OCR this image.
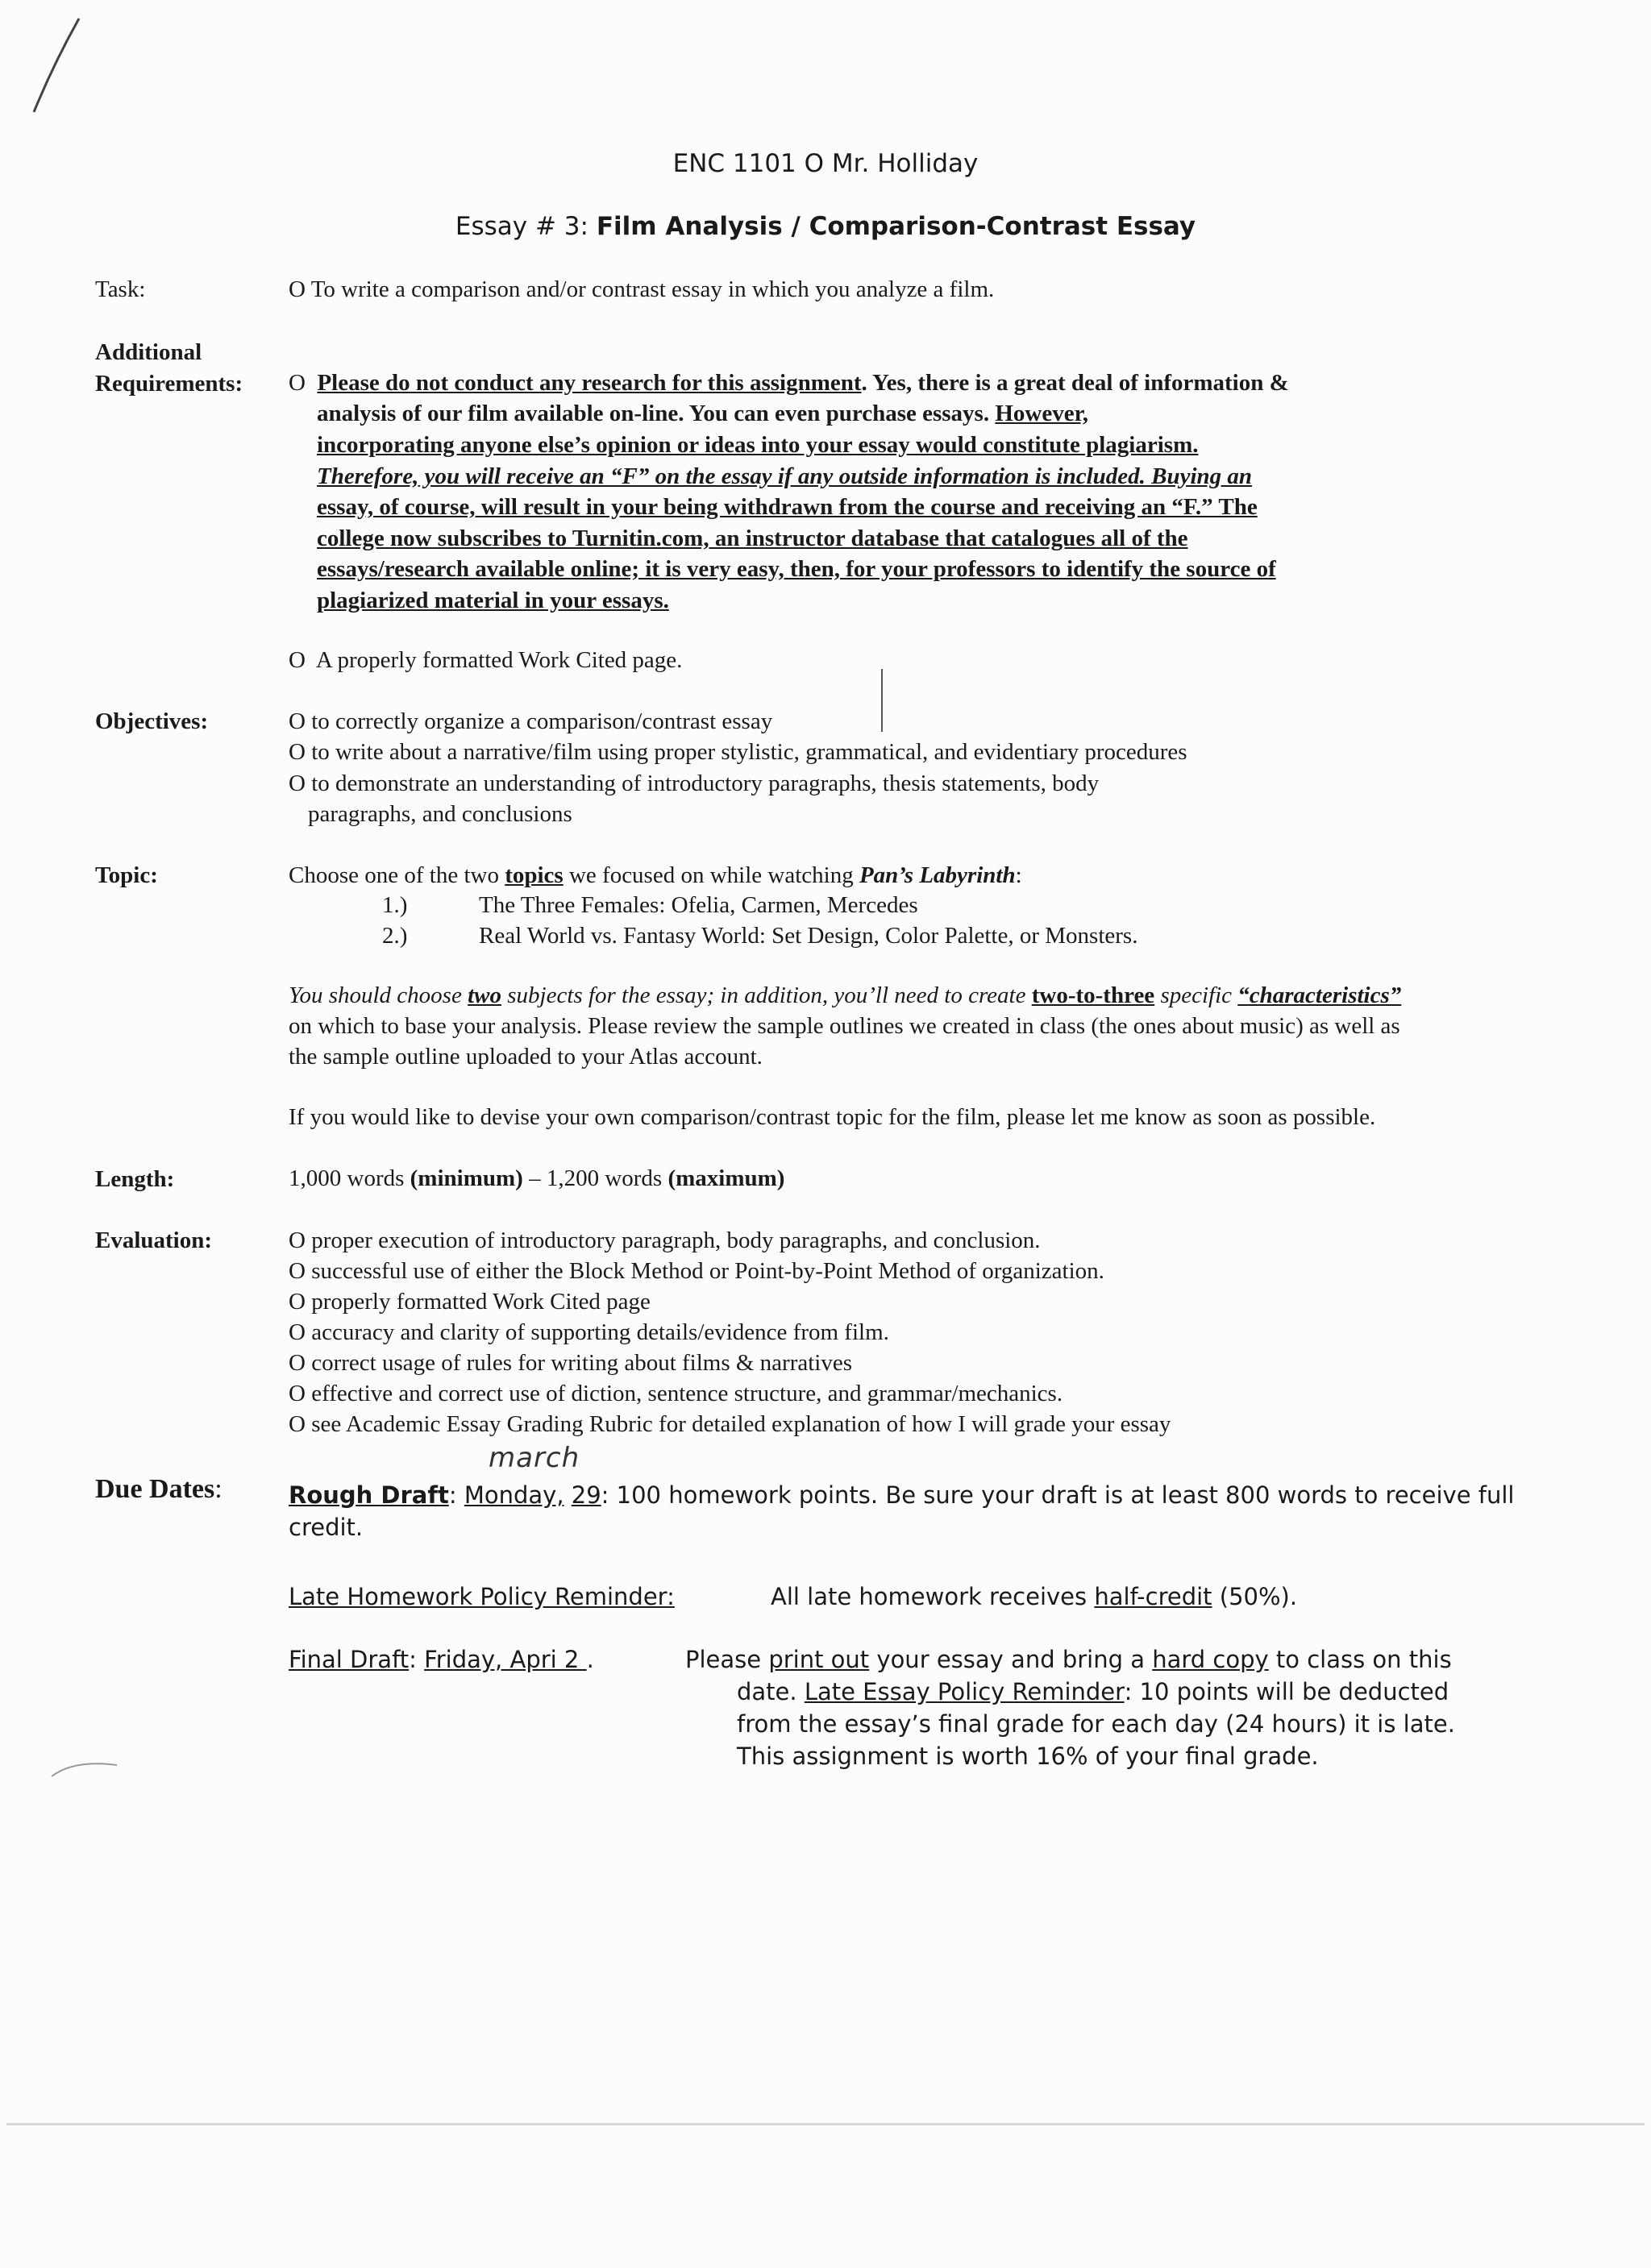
ENC 1101 O Mr. Holliday
Essay # 3: Film Analysis / Comparison-Contrast Essay
Task:	O To write a comparison and/or contrast essay in which you analyze a film.
Additional
Requirements: O Please do not conduct any research for this assignment. Yes, there is a great deal of information &
analysis of our film available on-line. You can even purchase essays. However,
incorporating anyone else’s opinion or ideas into your essay would constitute plagiarism.
Therefore, you will receive an “F” on the essay if any outside information is included. Buying an
essay, of course, will result in your being withdrawn from the course and receiving an “F.” The
college now subscribes to Turnitin.com, an instructor database that catalogues all of the
essays/research available online; it is very easy, then, for your professors to identify the source of
plagiarized material in your essays.
O A properly formatted Work Cited page.
Objectives:	O to correctly organize a comparison/contrast essay
O to write about a narrative/film using proper stylistic, grammatical, and evidentiary procedures
O to demonstrate an understanding of introductory paragraphs, thesis statements, body
paragraphs, and conclusions
Topic:	Choose one of the two topics we focused on while watching Pan’s Labyrinth:
1.)	The Three Females: Ofelia, Carmen, Mercedes
2.)	Real World vs. Fantasy World: Set Design, Color Palette, or Monsters.
You should choose two subjects for the essay; in addition, you’ll need to create two-to-three specific “characteristics”
on which to base your analysis. Please review the sample outlines we created in class (the ones about music) as well as
the sample outline uploaded to your Atlas account.
If you would like to devise your own comparison/contrast topic for the film, please let me know as soon as possible.
Length:	1,000 words (minimum) – 1,200 words (maximum)
Evaluation:	O proper execution of introductory paragraph, body paragraphs, and conclusion.
O successful use of either the Block Method or Point-by-Point Method of organization.
O properly formatted Work Cited page
O accuracy and clarity of supporting details/evidence from film.
O correct usage of rules for writing about films & narratives
O effective and correct use of diction, sentence structure, and grammar/mechanics.
O see Academic Essay Grading Rubric for detailed explanation of how I will grade your essay
march
Due Dates:	Rough Draft: Monday, 29: 100 homework points. Be sure your draft is at least 800 words to receive full
credit.
Late Homework Policy Reminder:	All late homework receives half-credit (50%).
Final Draft: Friday, Apri 2 .	Please print out your essay and bring a hard copy to class on this
date. Late Essay Policy Reminder: 10 points will be deducted
from the essay’s final grade for each day (24 hours) it is late.
This assignment is worth 16% of your final grade.
